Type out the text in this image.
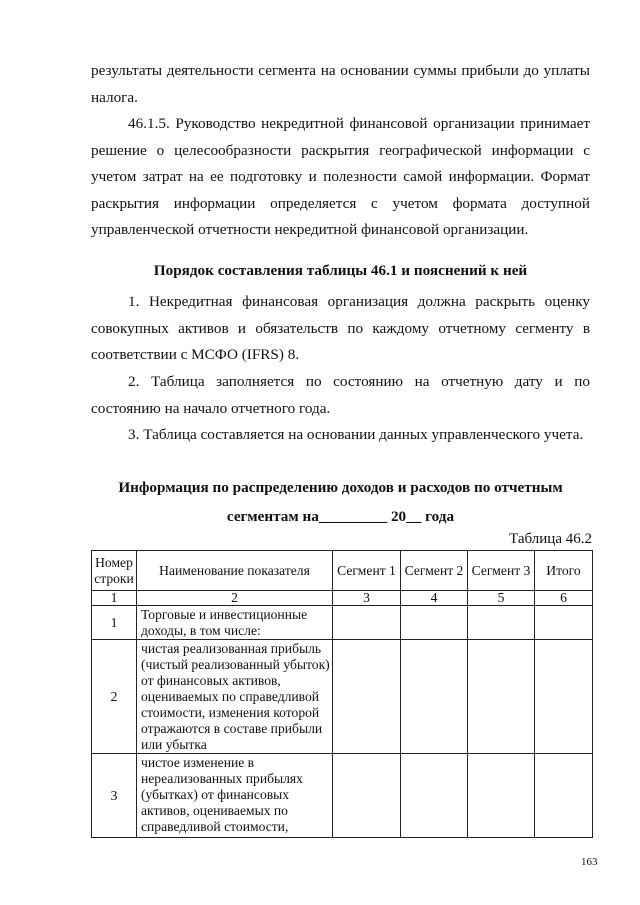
результаты деятельности сегмента на основании суммы прибыли до уплаты налога.

46.1.5. Руководство некредитной финансовой организации принимает решение о целесообразности раскрытия географической информации с учетом затрат на ее подготовку и полезности самой информации. Формат раскрытия информации определяется с учетом формата доступной управленческой отчетности некредитной финансовой организации.

Порядок составления таблицы 46.1 и пояснений к ней

1. Некредитная финансовая организация должна раскрыть оценку совокупных активов и обязательств по каждому отчетному сегменту в соответствии с МСФО (IFRS) 8.

2. Таблица заполняется по состоянию на отчетную дату и по состоянию на начало отчетного года.

3. Таблица составляется на основании данных управленческого учета.

Информация по распределению доходов и расходов по отчетным

сегментам на_________ 20__ года

Таблица 46.2

Номер строки	Наименование показателя	Сегмент 1	Сегмент 2	Сегмент 3	Итого
1	2	3	4	5	6
1	Торговые и инвестиционные доходы, в том числе:				
2	чистая реализованная прибыль (чистый реализованный убыток) от финансовых активов, оцениваемых по справедливой стоимости, изменения которой отражаются в составе прибыли или убытка				
3	чистое изменение в нереализованных прибылях (убытках) от финансовых активов, оцениваемых по справедливой стоимости,				
163
